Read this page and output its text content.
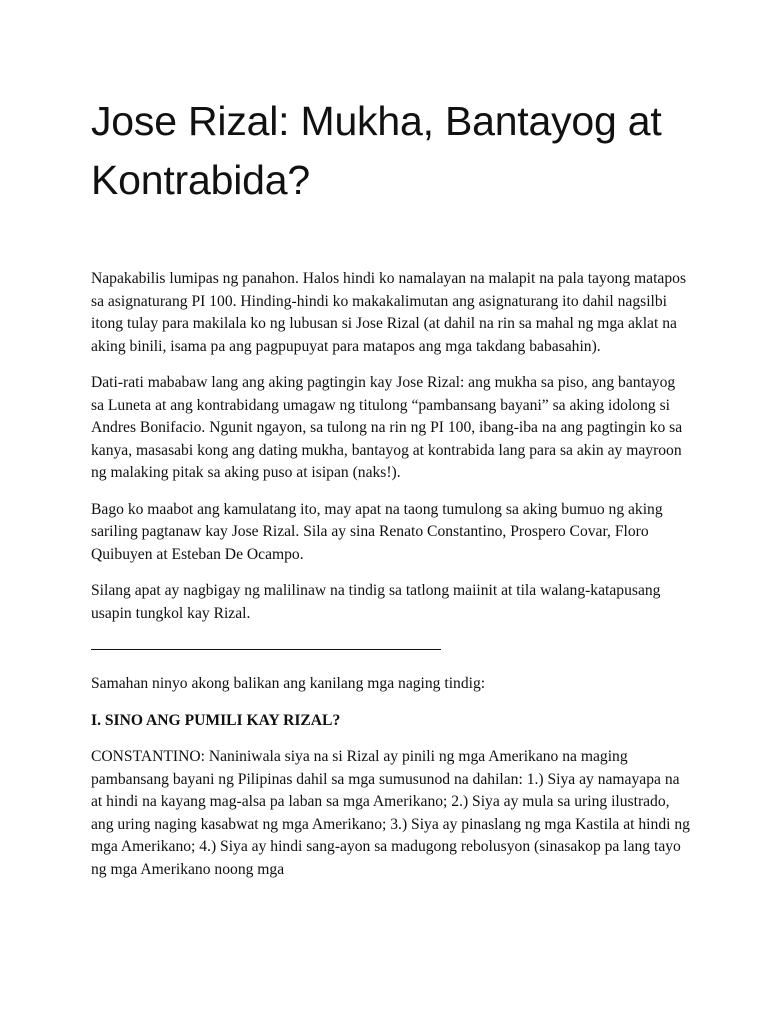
Jose Rizal: Mukha, Bantayog at Kontrabida?

Napakabilis lumipas ng panahon. Halos hindi ko namalayan na malapit na pala tayong matapos sa asignaturang PI 100. Hinding-hindi ko makakalimutan ang asignaturang ito dahil nagsilbi itong tulay para makilala ko ng lubusan si Jose Rizal (at dahil na rin sa mahal ng mga aklat na aking binili, isama pa ang pagpupuyat para matapos ang mga takdang babasahin).

Dati-rati mababaw lang ang aking pagtingin kay Jose Rizal: ang mukha sa piso, ang bantayog sa Luneta at ang kontrabidang umagaw ng titulong “pambansang bayani” sa aking idolong si Andres Bonifacio. Ngunit ngayon, sa tulong na rin ng PI 100, ibang-iba na ang pagtingin ko sa kanya, masasabi kong ang dating mukha, bantayog at kontrabida lang para sa akin ay mayroon ng malaking pitak sa aking puso at isipan (naks!).

Bago ko maabot ang kamulatang ito, may apat na taong tumulong sa aking bumuo ng aking sariling pagtanaw kay Jose Rizal. Sila ay sina Renato Constantino, Prospero Covar, Floro Quibuyen at Esteban De Ocampo.

Silang apat ay nagbigay ng malilinaw na tindig sa tatlong maiinit at tila walang-katapusang usapin tungkol kay Rizal.

Samahan ninyo akong balikan ang kanilang mga naging tindig:

I. SINO ANG PUMILI KAY RIZAL?

CONSTANTINO: Naniniwala siya na si Rizal ay pinili ng mga Amerikano na maging pambansang bayani ng Pilipinas dahil sa mga sumusunod na dahilan: 1.) Siya ay namayapa na at hindi na kayang mag-alsa pa laban sa mga Amerikano; 2.) Siya ay mula sa uring ilustrado, ang uring naging kasabwat ng mga Amerikano; 3.) Siya ay pinaslang ng mga Kastila at hindi ng mga Amerikano; 4.) Siya ay hindi sang-ayon sa madugong rebolusyon (sinasakop pa lang tayo ng mga Amerikano noong mga
